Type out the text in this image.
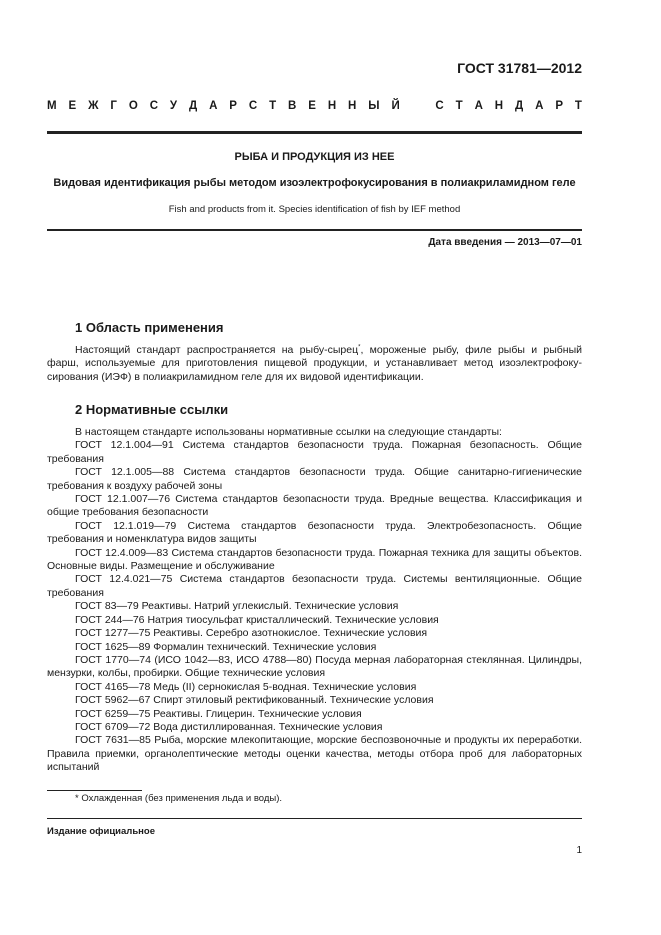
ГОСТ 31781—2012
М Е Ж Г О С У Д А Р С Т В Е Н Н Ы Й	С Т А Н Д А Р Т
РЫБА И ПРОДУКЦИЯ ИЗ НЕЕ
Видовая идентификация рыбы методом изоэлектрофокусирования в полиакриламидном геле
Fish and products from it. Species identification of fish by IEF method
Дата введения — 2013—07—01
1 Область применения

Настоящий стандарт распространяется на рыбу-сырец*, мороженые рыбу, филе рыбы и рыбный фарш, используемые для приготовления пищевой продукции, и устанавливает метод изоэлектрофокусирования (ИЭФ) в полиакриламидном геле для их видовой идентификации.

2 Нормативные ссылки

В настоящем стандарте использованы нормативные ссылки на следующие стандарты:

ГОСТ 12.1.004—91 Система стандартов безопасности труда. Пожарная безопасность. Общие требования

ГОСТ 12.1.005—88 Система стандартов безопасности труда. Общие санитарно-гигиенические требования к воздуху рабочей зоны

ГОСТ 12.1.007—76 Система стандартов безопасности труда. Вредные вещества. Классификация и общие требования безопасности

ГОСТ 12.1.019—79 Система стандартов безопасности труда. Электробезопасность. Общие требования и номенклатура видов защиты

ГОСТ 12.4.009—83 Система стандартов безопасности труда. Пожарная техника для защиты объектов. Основные виды. Размещение и обслуживание

ГОСТ 12.4.021—75 Система стандартов безопасности труда. Системы вентиляционные. Общие требования

ГОСТ 83—79 Реактивы. Натрий углекислый. Технические условия

ГОСТ 244—76 Натрия тиосульфат кристаллический. Технические условия

ГОСТ 1277—75 Реактивы. Серебро азотнокислое. Технические условия

ГОСТ 1625—89 Формалин технический. Технические условия

ГОСТ 1770—74 (ИСО 1042—83, ИСО 4788—80) Посуда мерная лабораторная стеклянная. Цилиндры, мензурки, колбы, пробирки. Общие технические условия

ГОСТ 4165—78 Медь (II) сернокислая 5-водная. Технические условия

ГОСТ 5962—67 Спирт этиловый ректификованный. Технические условия

ГОСТ 6259—75 Реактивы. Глицерин. Технические условия

ГОСТ 6709—72 Вода дистиллированная. Технические условия

ГОСТ 7631—85 Рыба, морские млекопитающие, морские беспозвоночные и продукты их переработки. Правила приемки, органолептические методы оценки качества, методы отбора проб для лабораторных испытаний

* Охлажденная (без применения льда и воды).
Издание официальное
1
